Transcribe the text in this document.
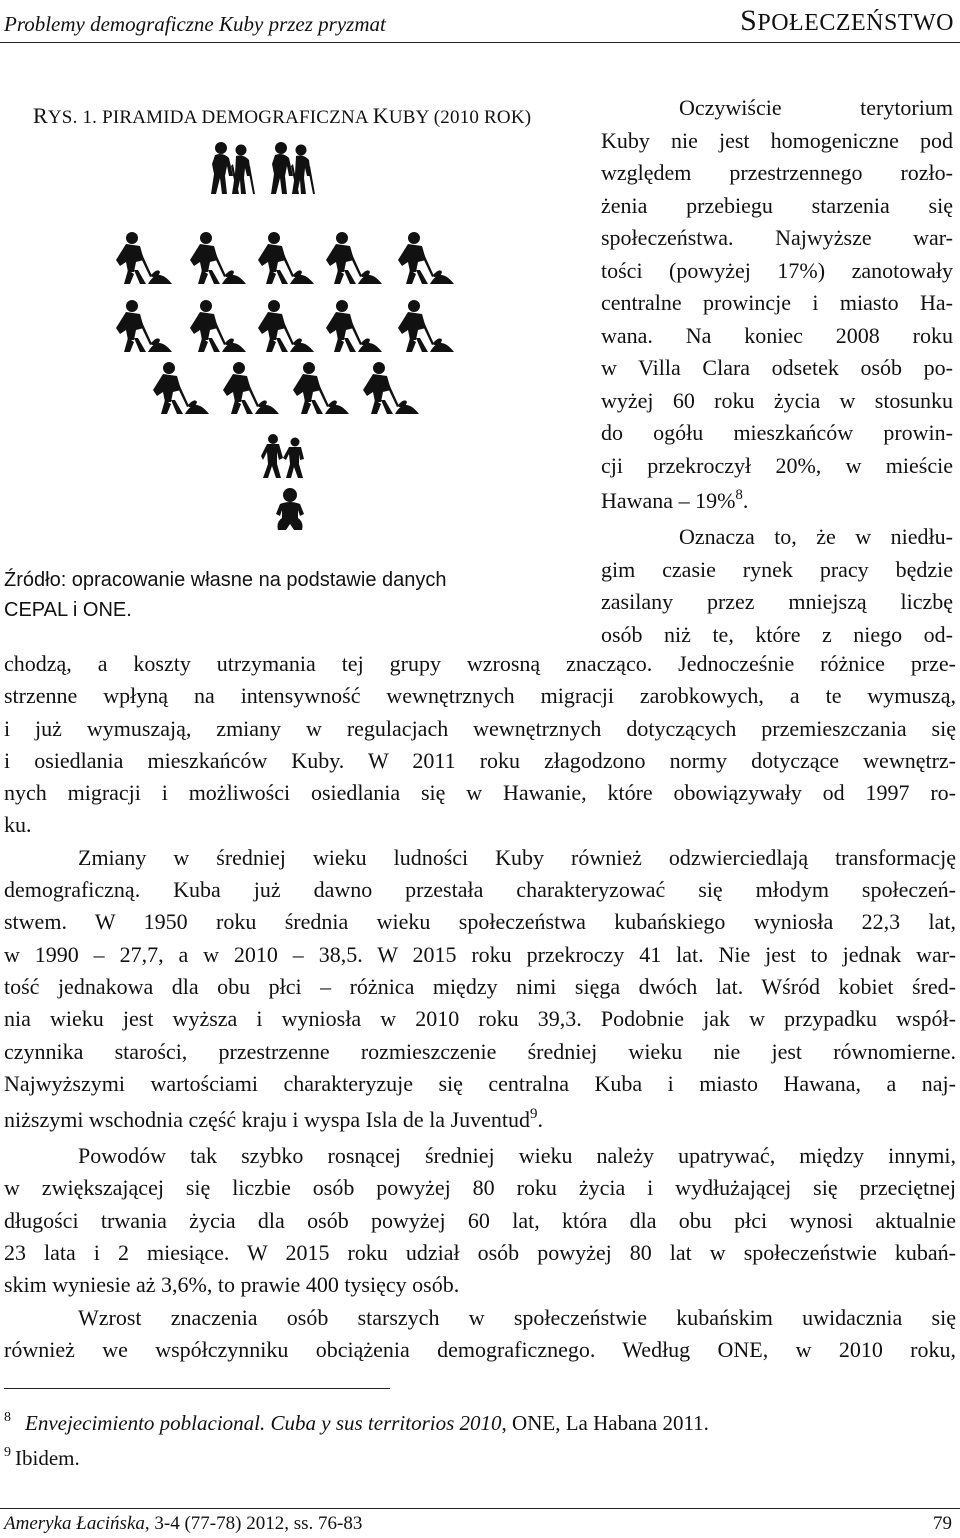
Problemy demograficzne Kuby przez pryzmat	SPOŁECZEŃSTWO
RYS. 1. PIRAMIDA DEMOGRAFICZNA KUBY (2010 ROK)
Źródło: opracowanie własne na podstawie danych
CEPAL i ONE.
Oczywiście terytorium
Kuby nie jest homogeniczne pod
względem przestrzennego rozło-
żenia przebiegu starzenia się
społeczeństwa. Najwyższe war-
tości (powyżej 17%) zanotowały
centralne prowincje i miasto Ha-
wana. Na koniec 2008 roku
w Villa Clara odsetek osób po-
wyżej 60 roku życia w stosunku
do ogółu mieszkańców prowin-
cji przekroczył 20%, w mieście
Hawana – 19%$^8$.
Oznacza to, że w niedłu-
gim czasie rynek pracy będzie
zasilany przez mniejszą liczbę
osób niż te, które z niego od-
chodzą, a koszty utrzymania tej grupy wzrosną znacząco. Jednocześnie różnice prze-
strzenne wpłyną na intensywność wewnętrznych migracji zarobkowych, a te wymuszą,
i już wymuszają, zmiany w regulacjach wewnętrznych dotyczących przemieszczania się
i osiedlania mieszkańców Kuby. W 2011 roku złagodzono normy dotyczące wewnętrz-
nych migracji i możliwości osiedlania się w Hawanie, które obowiązywały od 1997 ro-
ku.
Zmiany w średniej wieku ludności Kuby również odzwierciedlają transformację
demograficzną. Kuba już dawno przestała charakteryzować się młodym społeczeń-
stwem. W 1950 roku średnia wieku społeczeństwa kubańskiego wyniosła 22,3 lat,
w 1990 – 27,7, a w 2010 – 38,5. W 2015 roku przekroczy 41 lat. Nie jest to jednak war-
tość jednakowa dla obu płci – różnica między nimi sięga dwóch lat. Wśród kobiet śred-
nia wieku jest wyższa i wyniosła w 2010 roku 39,3. Podobnie jak w przypadku współ-
czynnika starości, przestrzenne rozmieszczenie średniej wieku nie jest równomierne.
Najwyższymi wartościami charakteryzuje się centralna Kuba i miasto Hawana, a naj-
niższymi wschodnia część kraju i wyspa Isla de la Juventud$^9$.
Powodów tak szybko rosnącej średniej wieku należy upatrywać, między innymi,
w zwiększającej się liczbie osób powyżej 80 roku życia i wydłużającej się przeciętnej
długości trwania życia dla osób powyżej 60 lat, która dla obu płci wynosi aktualnie
23 lata i 2 miesiące. W 2015 roku udział osób powyżej 80 lat w społeczeństwie kubań-
skim wyniesie aż 3,6%, to prawie 400 tysięcy osób.
Wzrost znaczenia osób starszych w społeczeństwie kubańskim uwidacznia się
również we współczynniku obciążenia demograficznego. Według ONE, w 2010 roku,
$^8$ Envejecimiento poblacional. Cuba y sus territorios 2010, ONE, La Habana 2011.
$^9$ Ibidem.
Ameryka Łacińska, 3-4 (77-78) 2012, ss. 76-83	79
